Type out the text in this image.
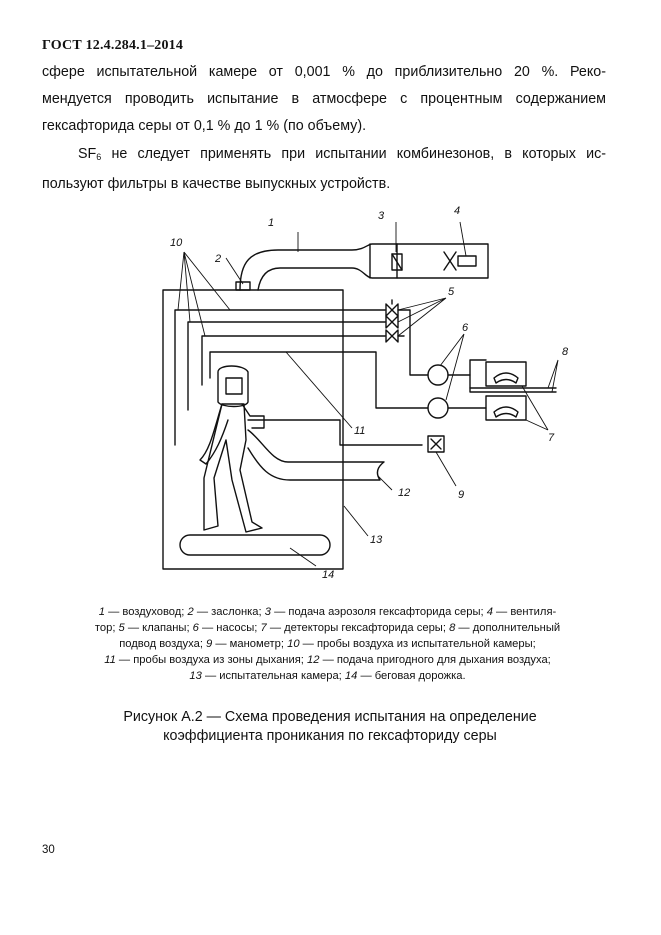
ГОСТ 12.4.284.1–2014
сфере испытательной камере от 0,001 % до приблизительно 20 %. Реко-
мендуется проводить испытание в атмосфере с процентным содержанием
гексафторида серы от 0,1 % до 1 % (по объему).
$SF_6$ не следует применять при испытании комбинезонов, в которых ис-
пользуют фильтры в качестве выпускных устройств.
1
2
3	4
5
6
7
8
9
10
11
12
13
14
1 — воздуховод; 2 — заслонка; 3 — подача аэрозоля гексафторида серы; 4 — вентиля-
тор; 5 — клапаны; 6 — насосы; 7 — детекторы гексафторида серы; 8 — дополнительный
подвод воздуха; 9 — манометр; 10 — пробы воздуха из испытательной камеры;
11 — пробы воздуха из зоны дыхания; 12 — подача пригодного для дыхания воздуха;
13 — испытательная камера; 14 — беговая дорожка.
Рисунок А.2 — Схема проведения испытания на определение
коэффициента проникания по гексафториду серы
30
